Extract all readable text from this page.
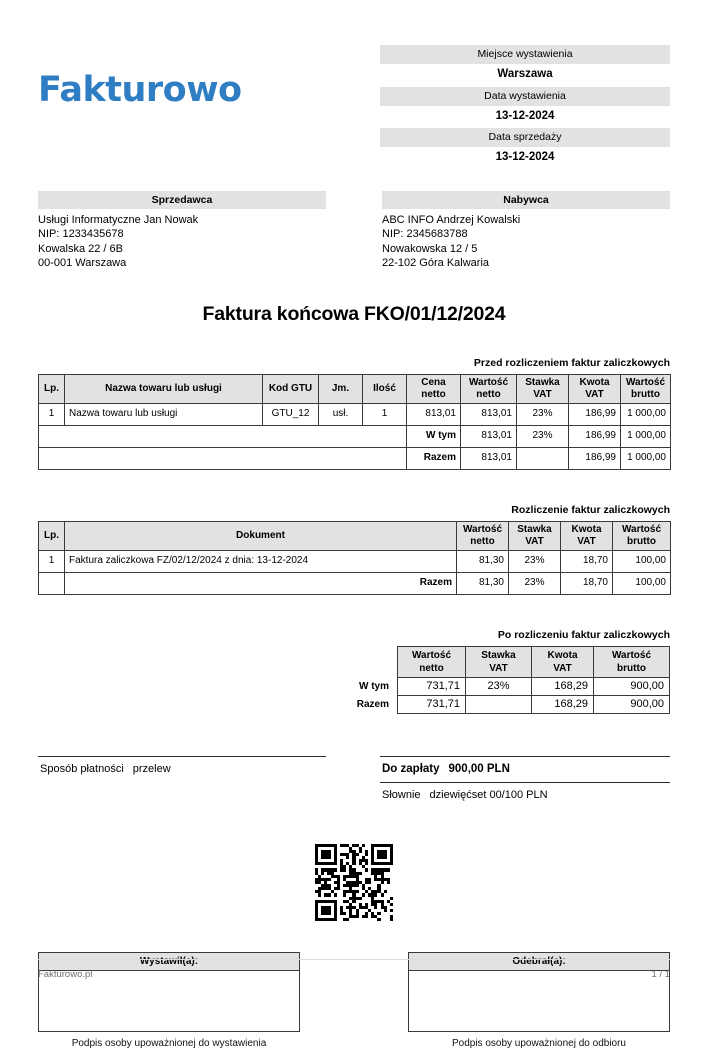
Fakturowo
Miejsce wystawienia
Warszawa
Data wystawienia
13-12-2024
Data sprzedaży
13-12-2024
Sprzedawca
Usługi Informatyczne Jan Nowak
NIP: 1233435678
Kowalska 22 / 6B
00-001 Warszawa
Nabywca
ABC INFO Andrzej Kowalski
NIP: 2345683788
Nowakowska 12 / 5
22-102 Góra Kalwaria
Faktura końcowa FKO/01/12/2024
Przed rozliczeniem faktur zaliczkowych
Lp.	Nazwa towaru lub usługi	Kod GTU	Jm.	Ilość	Cena netto	Wartość netto	Stawka VAT	Kwota VAT	Wartość brutto
1	Nazwa towaru lub usługi	GTU_12	usł.	1	813,01	813,01	23%	186,99	1 000,00
					W tym	813,01	23%	186,99	1 000,00
					Razem	813,01		186,99	1 000,00
Rozliczenie faktur zaliczkowych
Lp.	Dokument	Wartość netto	Stawka VAT	Kwota VAT	Wartość brutto
1	Faktura zaliczkowa FZ/02/12/2024 z dnia: 13-12-2024	81,30	23%	18,70	100,00
	Razem	81,30	23%	18,70	100,00
Po rozliczeniu faktur zaliczkowych
	Wartość netto	Stawka VAT	Kwota VAT	Wartość brutto
W tym	731,71	23%	168,29	900,00
Razem	731,71		168,29	900,00
Sposób płatności przelew	Do zapłaty 900,00 PLN
Słownie dziewięćset 00/100 PLN
Wystawił(a):
Podpis osoby upoważnionej do wystawienia
Odebrał(a):
Podpis osoby upoważnionej do odbioru
Fakturowo.pl	1 / 1
